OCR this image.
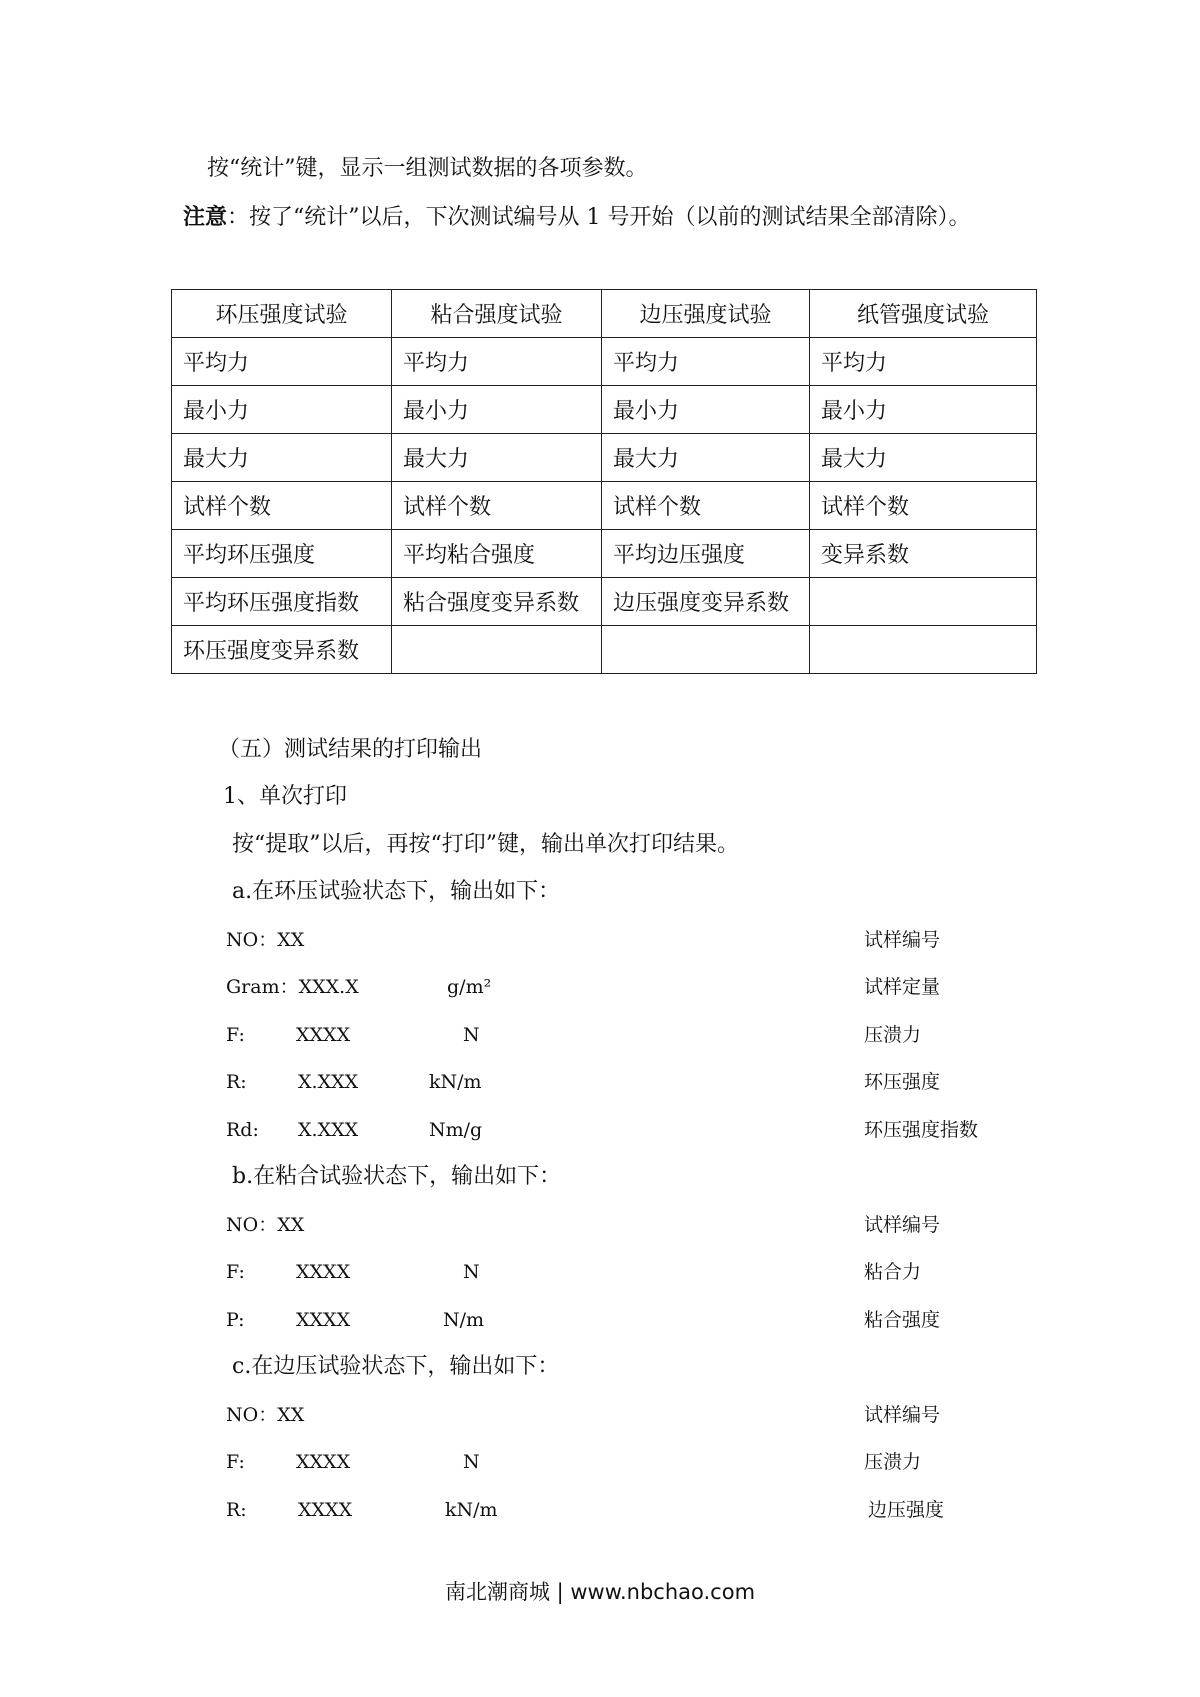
按“统计”键，显示一组测试数据的各项参数。
注意：按了“统计”以后，下次测试编号从 1 号开始（以前的测试结果全部清除）。
环压强度试验	粘合强度试验	边压强度试验	纸管强度试验
平均力	平均力	平均力	平均力
最小力	最小力	最小力	最小力
最大力	最大力	最大力	最大力
试样个数	试样个数	试样个数	试样个数
平均环压强度	平均粘合强度	平均边压强度	变异系数
平均环压强度指数	粘合强度变异系数	边压强度变异系数	
环压强度变异系数			
（五）测试结果的打印输出
1、单次打印
按“提取”以后，再按“打印”键，输出单次打印结果。
a.在环压试验状态下，输出如下：
NO：XX	试样编号
Gram：XXX.X	g/m²	试样定量
F:	XXXX	N	压溃力
R:	X.XXX	kN/m	环压强度
Rd: X.XXX	Nm/g	环压强度指数
b.在粘合试验状态下，输出如下：
NO：XX	试样编号
F:	XXXX	N	粘合力
P:	XXXX	N/m	粘合强度
c.在边压试验状态下，输出如下：
NO：XX	试样编号
F:	XXXX	N	压溃力
R:	XXXX	kN/m	边压强度
南北潮商城 | www.nbchao.com
